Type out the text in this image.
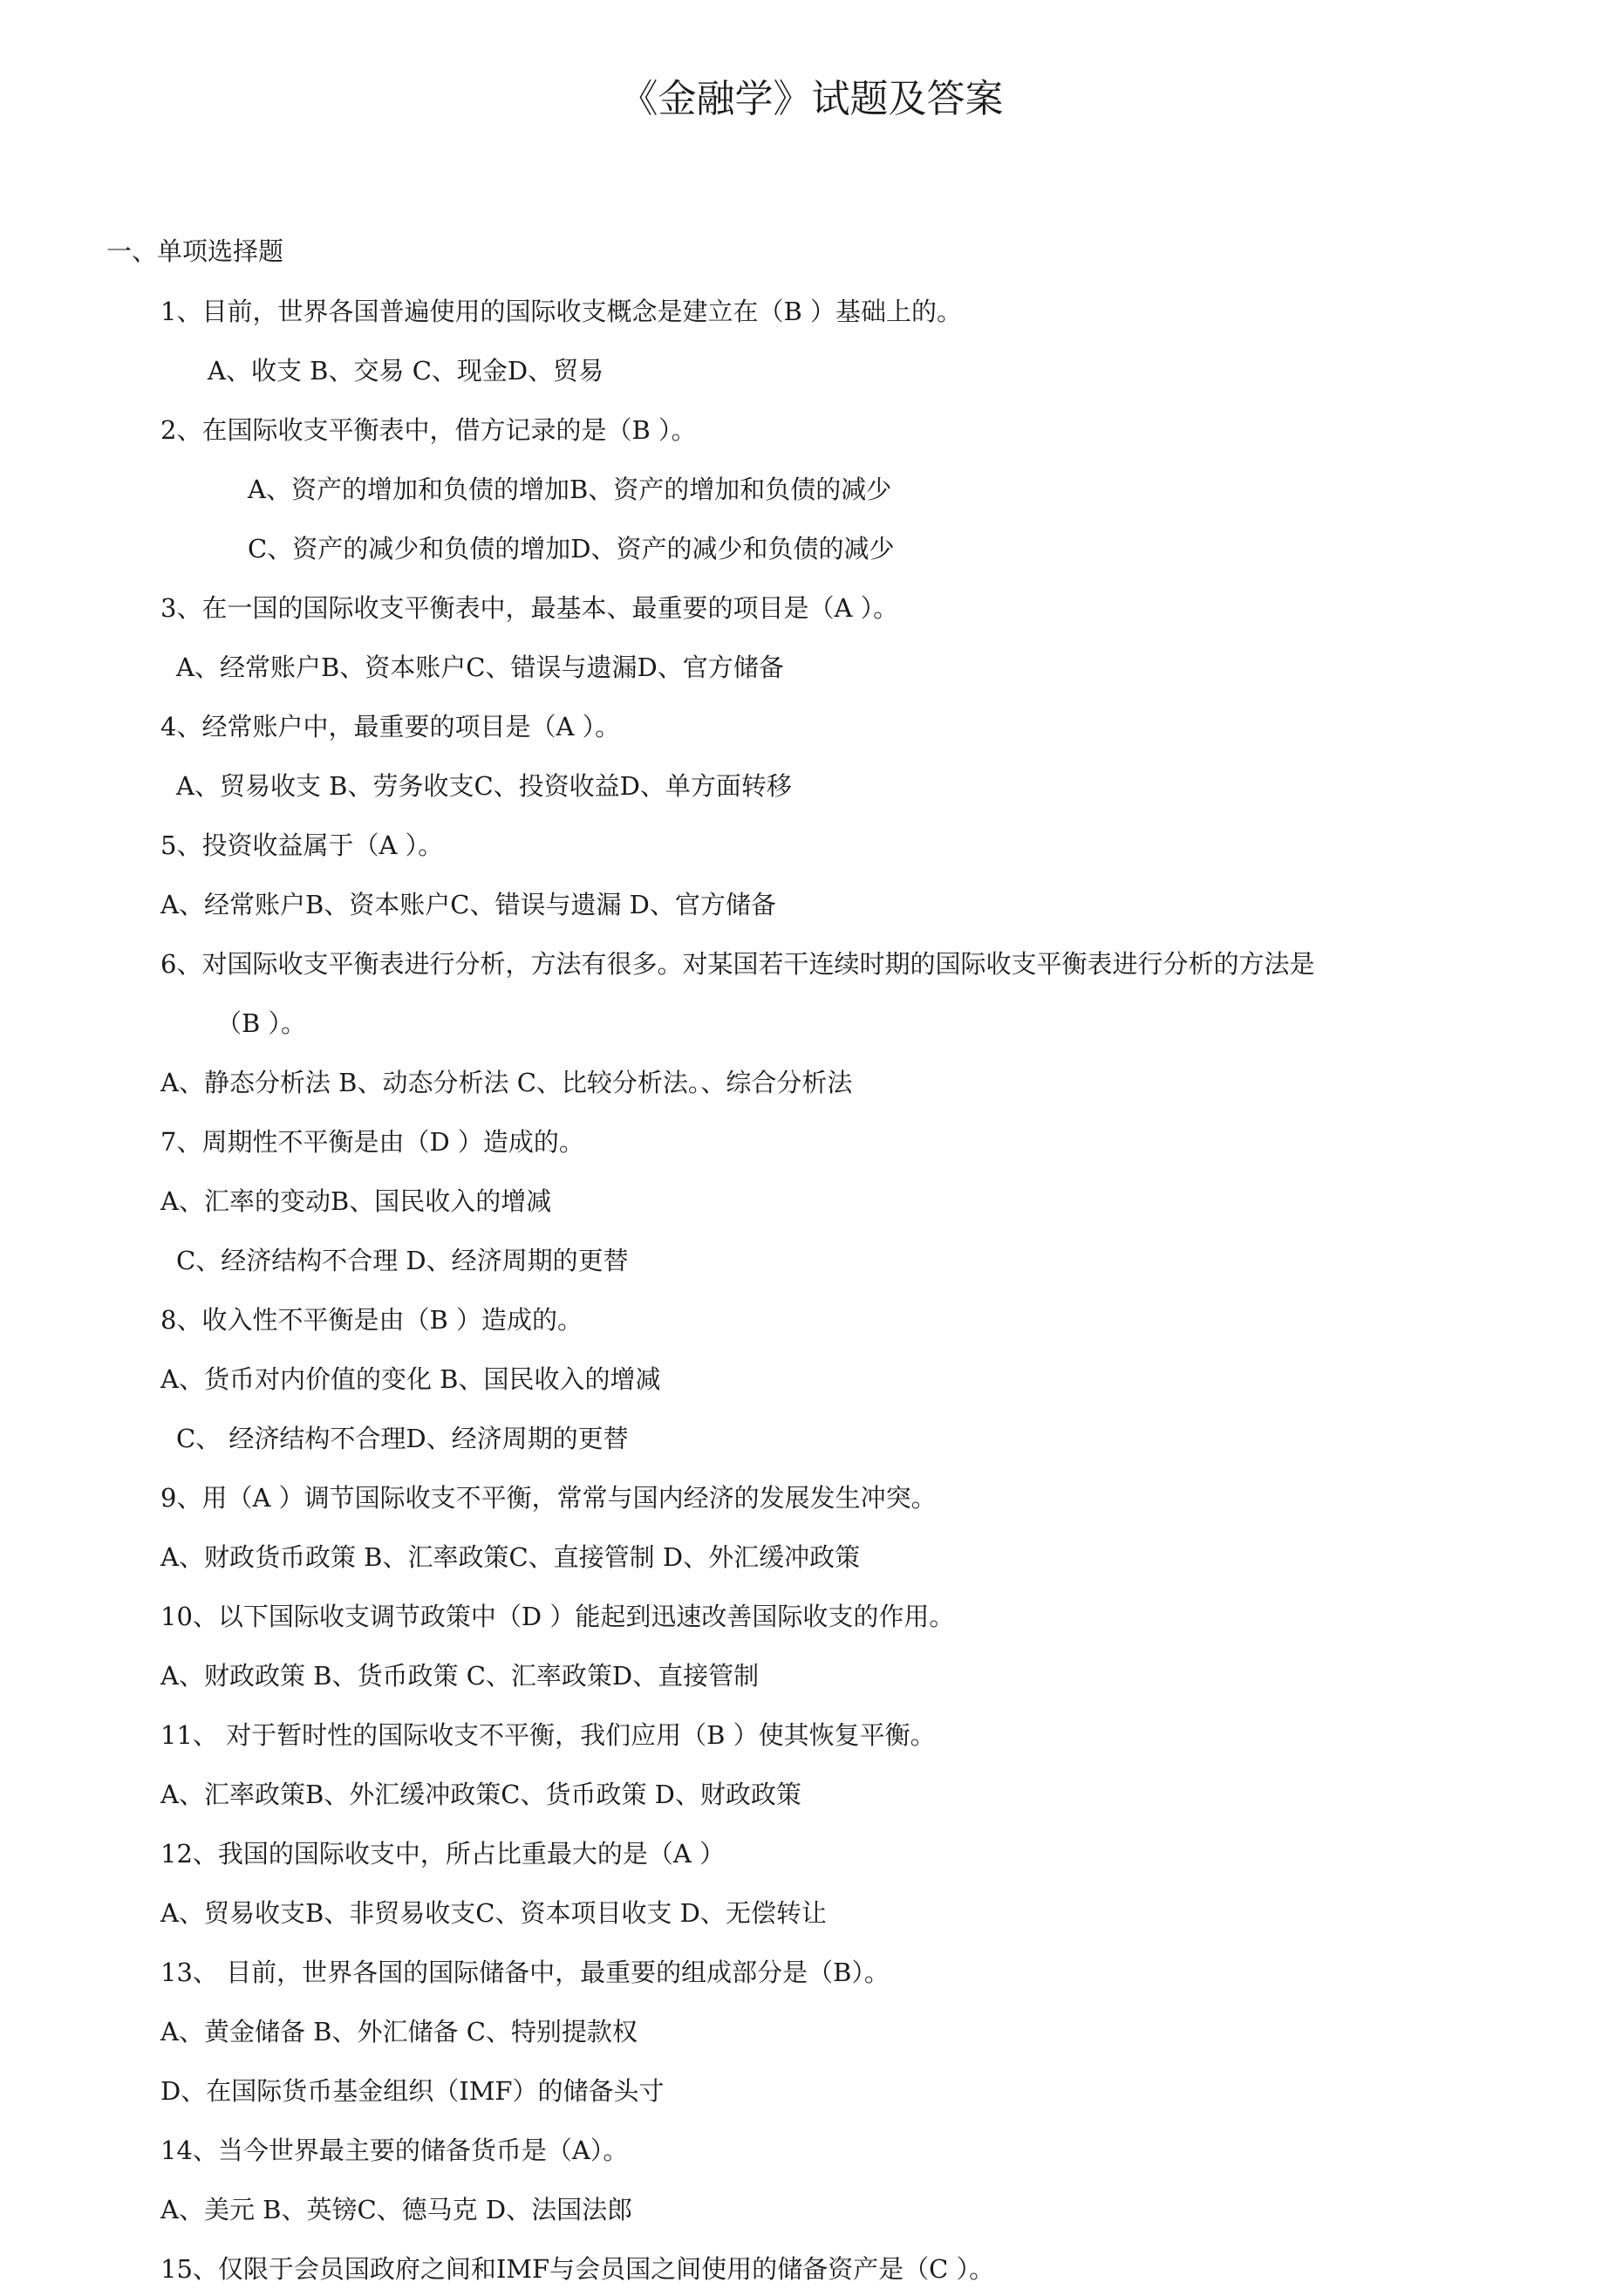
《金融学》试题及答案
一、单项选择题
1、目前，世界各国普遍使用的国际收支概念是建立在（B ）基础上的。
A、收支 B、交易 C、现金D、贸易
2、在国际收支平衡表中，借方记录的是（B ）。
A、资产的增加和负债的增加B、资产的增加和负债的减少
C、资产的减少和负债的增加D、资产的减少和负债的减少
3、在一国的国际收支平衡表中，最基本、最重要的项目是（A ）。
A、经常账户B、资本账户C、错误与遗漏D、官方储备
4、经常账户中，最重要的项目是（A ）。
A、贸易收支 B、劳务收支C、投资收益D、单方面转移
5、投资收益属于（A ）。
A、经常账户B、资本账户C、错误与遗漏 D、官方储备
6、对国际收支平衡表进行分析，方法有很多。对某国若干连续时期的国际收支平衡表进行分析的方法是
（B ）。
A、静态分析法 B、动态分析法 C、比较分析法。、综合分析法
7、周期性不平衡是由（D ）造成的。
A、汇率的变动B、国民收入的增减
C、经济结构不合理 D、经济周期的更替
8、收入性不平衡是由（B ）造成的。
A、货币对内价值的变化 B、国民收入的增减
C、 经济结构不合理D、经济周期的更替
9、用（A ）调节国际收支不平衡，常常与国内经济的发展发生冲突。
A、财政货币政策 B、汇率政策C、直接管制 D、外汇缓冲政策
10、以下国际收支调节政策中（D ）能起到迅速改善国际收支的作用。
A、财政政策 B、货币政策 C、汇率政策D、直接管制
11、 对于暂时性的国际收支不平衡，我们应用（B ）使其恢复平衡。
A、汇率政策B、外汇缓冲政策C、货币政策 D、财政政策
12、我国的国际收支中，所占比重最大的是（A ）
A、贸易收支B、非贸易收支C、资本项目收支 D、无偿转让
13、 目前，世界各国的国际储备中，最重要的组成部分是（B）。
A、黄金储备 B、外汇储备 C、特别提款权
D、在国际货币基金组织（IMF）的储备头寸
14、当今世界最主要的储备货币是（A）。
A、美元 B、英镑C、德马克 D、法国法郎
15、仅限于会员国政府之间和IMF与会员国之间使用的储备资产是（C ）。
